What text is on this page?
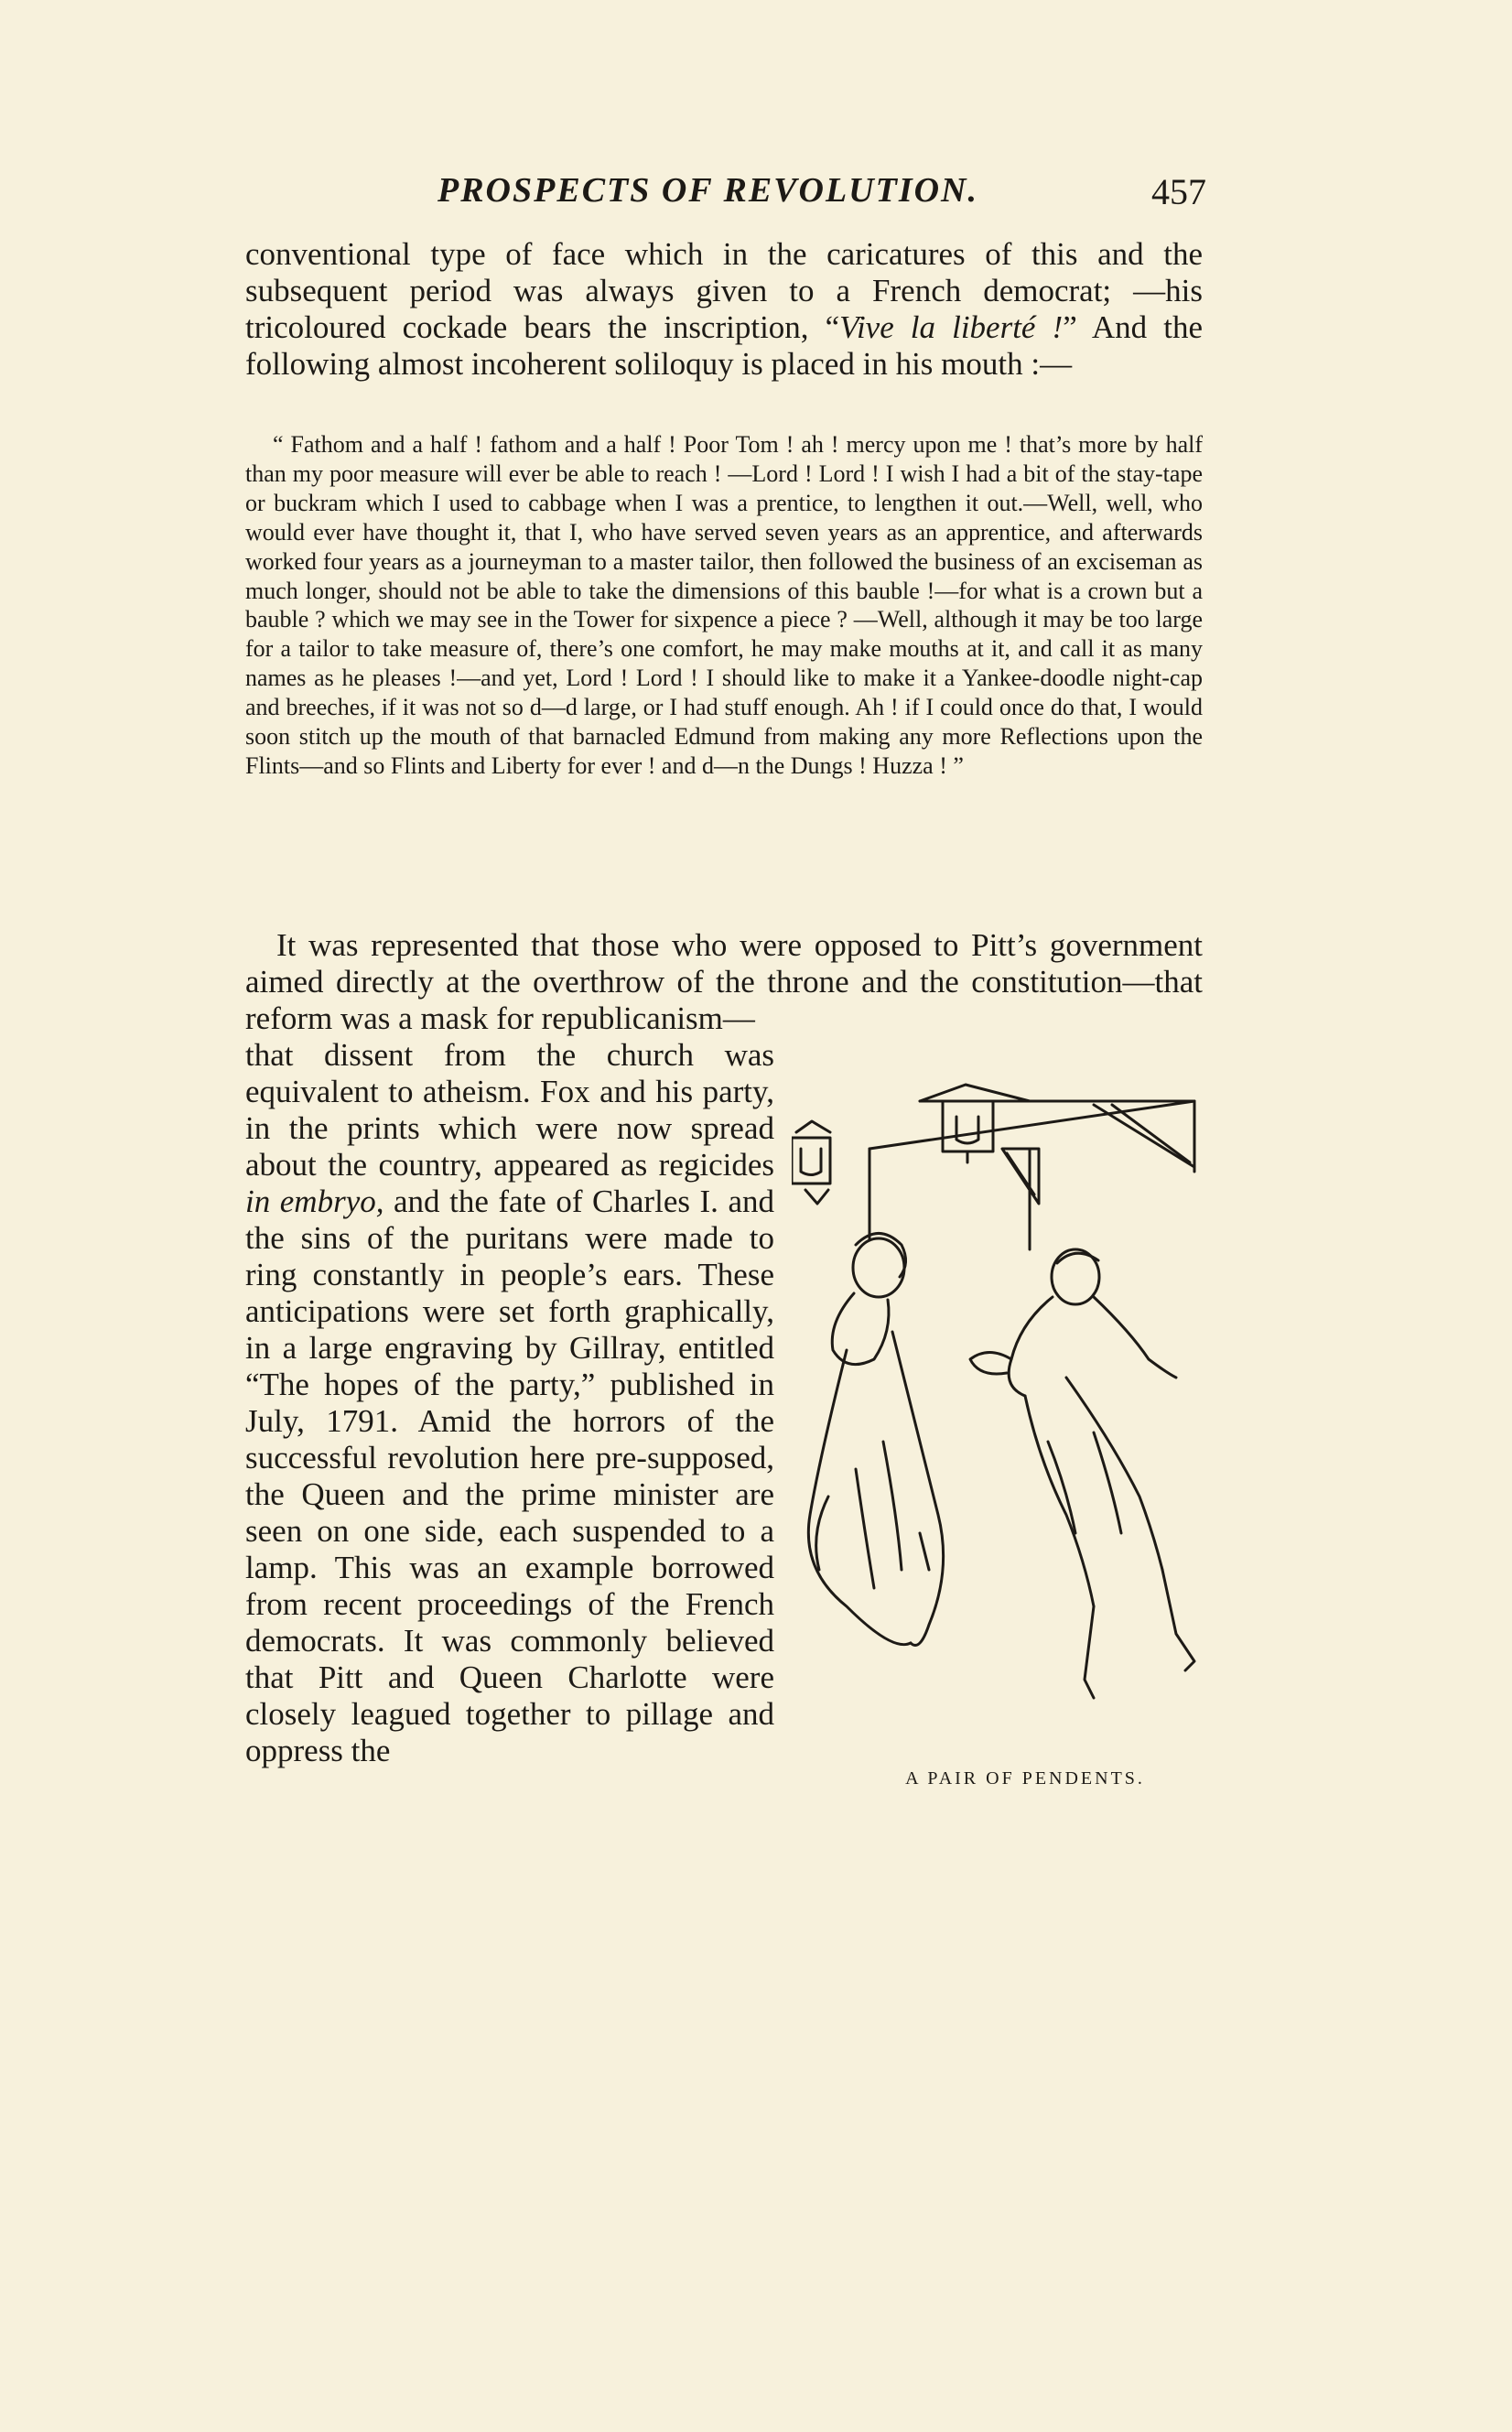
PROSPECTS OF REVOLUTION.	457
conventional type of face which in the caricatures of this and the subsequent period was always given to a French democrat; —his tricoloured cockade bears the inscription, “Vive la liberté !” And the following almost incoherent soliloquy is placed in his mouth :—
“ Fathom and a half ! fathom and a half ! Poor Tom ! ah ! mercy upon me ! that’s more by half than my poor measure will ever be able to reach ! —Lord ! Lord ! I wish I had a bit of the stay-tape or buckram which I used to cabbage when I was a prentice, to lengthen it out.—Well, well, who would ever have thought it, that I, who have served seven years as an apprentice, and afterwards worked four years as a journeyman to a master tailor, then followed the business of an exciseman as much longer, should not be able to take the dimensions of this bauble !—for what is a crown but a bauble ? which we may see in the Tower for sixpence a piece ? —Well, although it may be too large for a tailor to take measure of, there’s one comfort, he may make mouths at it, and call it as many names as he pleases !—and yet, Lord ! Lord ! I should like to make it a Yankee-doodle night-cap and breeches, if it was not so d—d large, or I had stuff enough. Ah ! if I could once do that, I would soon stitch up the mouth of that barnacled Edmund from making any more Reflections upon the Flints—and so Flints and Liberty for ever ! and d—n the Dungs ! Huzza ! ”
It was represented that those who were opposed to Pitt’s government aimed directly at the overthrow of the throne and the constitution—that reform was a mask for republicanism—
that dissent from the church was equivalent to atheism. Fox and his party, in the prints which were now spread about the country, appeared as regicides in embryo, and the fate of Charles I. and the sins of the puritans were made to ring constantly in people’s ears. These anticipations were set forth graphically, in a large engraving by Gillray, entitled “The hopes of the party,” published in July, 1791. Amid the horrors of the successful revolution here pre-supposed, the Queen and the prime minister are seen on one side, each suspended to a lamp. This was an example borrowed from recent proceedings of the French democrats. It was commonly believed that Pitt and Queen Charlotte were closely leagued together to pillage and oppress the
A PAIR OF PENDENTS.
